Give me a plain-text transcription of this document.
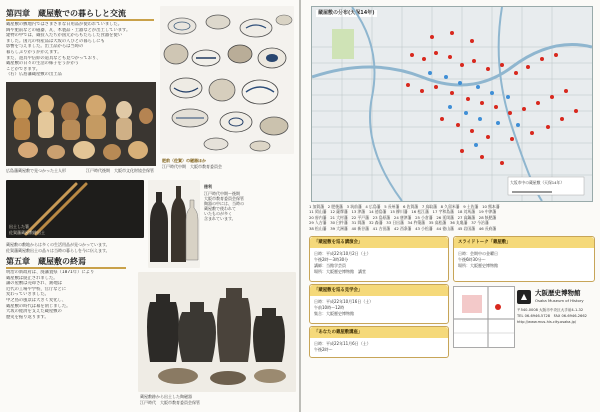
第四章　蔵屋敷での暮らしと交流
蔵屋敷の敷地内ではさまざまな日用品が使われていました。
陶や肥前などの磁器、瓦、木製品・土器などが出土しています。
建物の中では、蔵役人たちが国元からもたらした食器を使い
ました。国元の特産品は大坂の人びとの暮らしにも
影響を与えました。出土品からは当時の
暮らしぶりがうかがえます。
また、遊具や信仰の道具なども見つかっており、
蔵屋敷の日々の生活の様子をうかがう
ことができます。
（右）広島藩蔵屋敷の出土品
広島藩蔵屋敷で見つかった土人形	江戸時代後期　大阪市文化財協会保管
肥前（佐賀）の磁器ほか
江戸時代中期　大阪市教育委員会
出土した箸
佐賀藩蔵屋敷跡出土
徳利
江戸時代中期～後期
大阪市教育委員会保管
陶器の中には、当時の
蔵屋敷で使われて
いたものが多く
含まれています。
蔵屋敷の敷地からは多くの生活用品が見つかっています。
佐賀藩蔵屋敷出土の品々は当時の暮らしを今に伝えます。
第五章　蔵屋敷の終焉
明治の新政府は、廃藩置県（1871年）により
蔵屋敷は廃止されました。
藩の屋敷は売却され、跡地は
近代の工場や学校、官庁などに
変わっていきました。
中之島の風景は大きく変化し、
蔵屋敷の時代は幕を閉じました。
大坂の経済を支えた蔵屋敷の
歴史を振り返ります。
蔵屋敷跡から出土した陶磁器
江戸時代　大阪市教育委員会保管
蔵屋敷の分布(天保14年)
大坂市中の蔵屋敷（天保14年）
1 加賀藩　2 肥後藩　3 筑前藩　4 広島藩　5 長州藩　6 佐賀藩　7 鳥取藩　8 久留米藩　9 土佐藩　10 熊本藩
11 岡山藩　12 薩摩藩　13 津藩　14 徳島藩　15 柳川藩　16 松江藩　17 宇和島藩　18 対馬藩　19 中津藩
20 府内藩　21 大村藩　22 平戸藩　23 島原藩　24 唐津藩　25 小倉藩　26 延岡藩　27 高鍋藩　28 飫肥藩
29 人吉藩　30 臼杵藩　31 岡藩　32 森藩　33 日出藩　34 杵築藩　35 高松藩　36 丸亀藩　37 今治藩
38 松山藩　39 大洲藩　40 新谷藩　41 吉田藩　42 西条藩　43 小松藩　44 徳山藩　45 岩国藩　46 長府藩
「蔵屋敷を巡る講演会」
日時：平成22年10月2日（土）
午後2時〜3時30分
講師：当館学芸員
場所：大阪歴史博物館　講堂
「蔵屋敷を巡る見学会」
日時：平成22年10月16日（土）
午前10時〜12時
集合：大阪歴史博物館
「あなたの蔵屋敷講座」
日時：平成22年11月6日（土）
午後2時〜
スライドトーク「蔵屋敷」
日時：会期中の金曜日
午後6時30分〜
場所：大阪歴史博物館
▲	大阪歴史博物館
Osaka Museum of History
〒540-0008 大阪市中央区大手前4-1-32
TEL 06-6946-5728　FAX 06-6946-2662
http://www.mus-his.city.osaka.jp/
